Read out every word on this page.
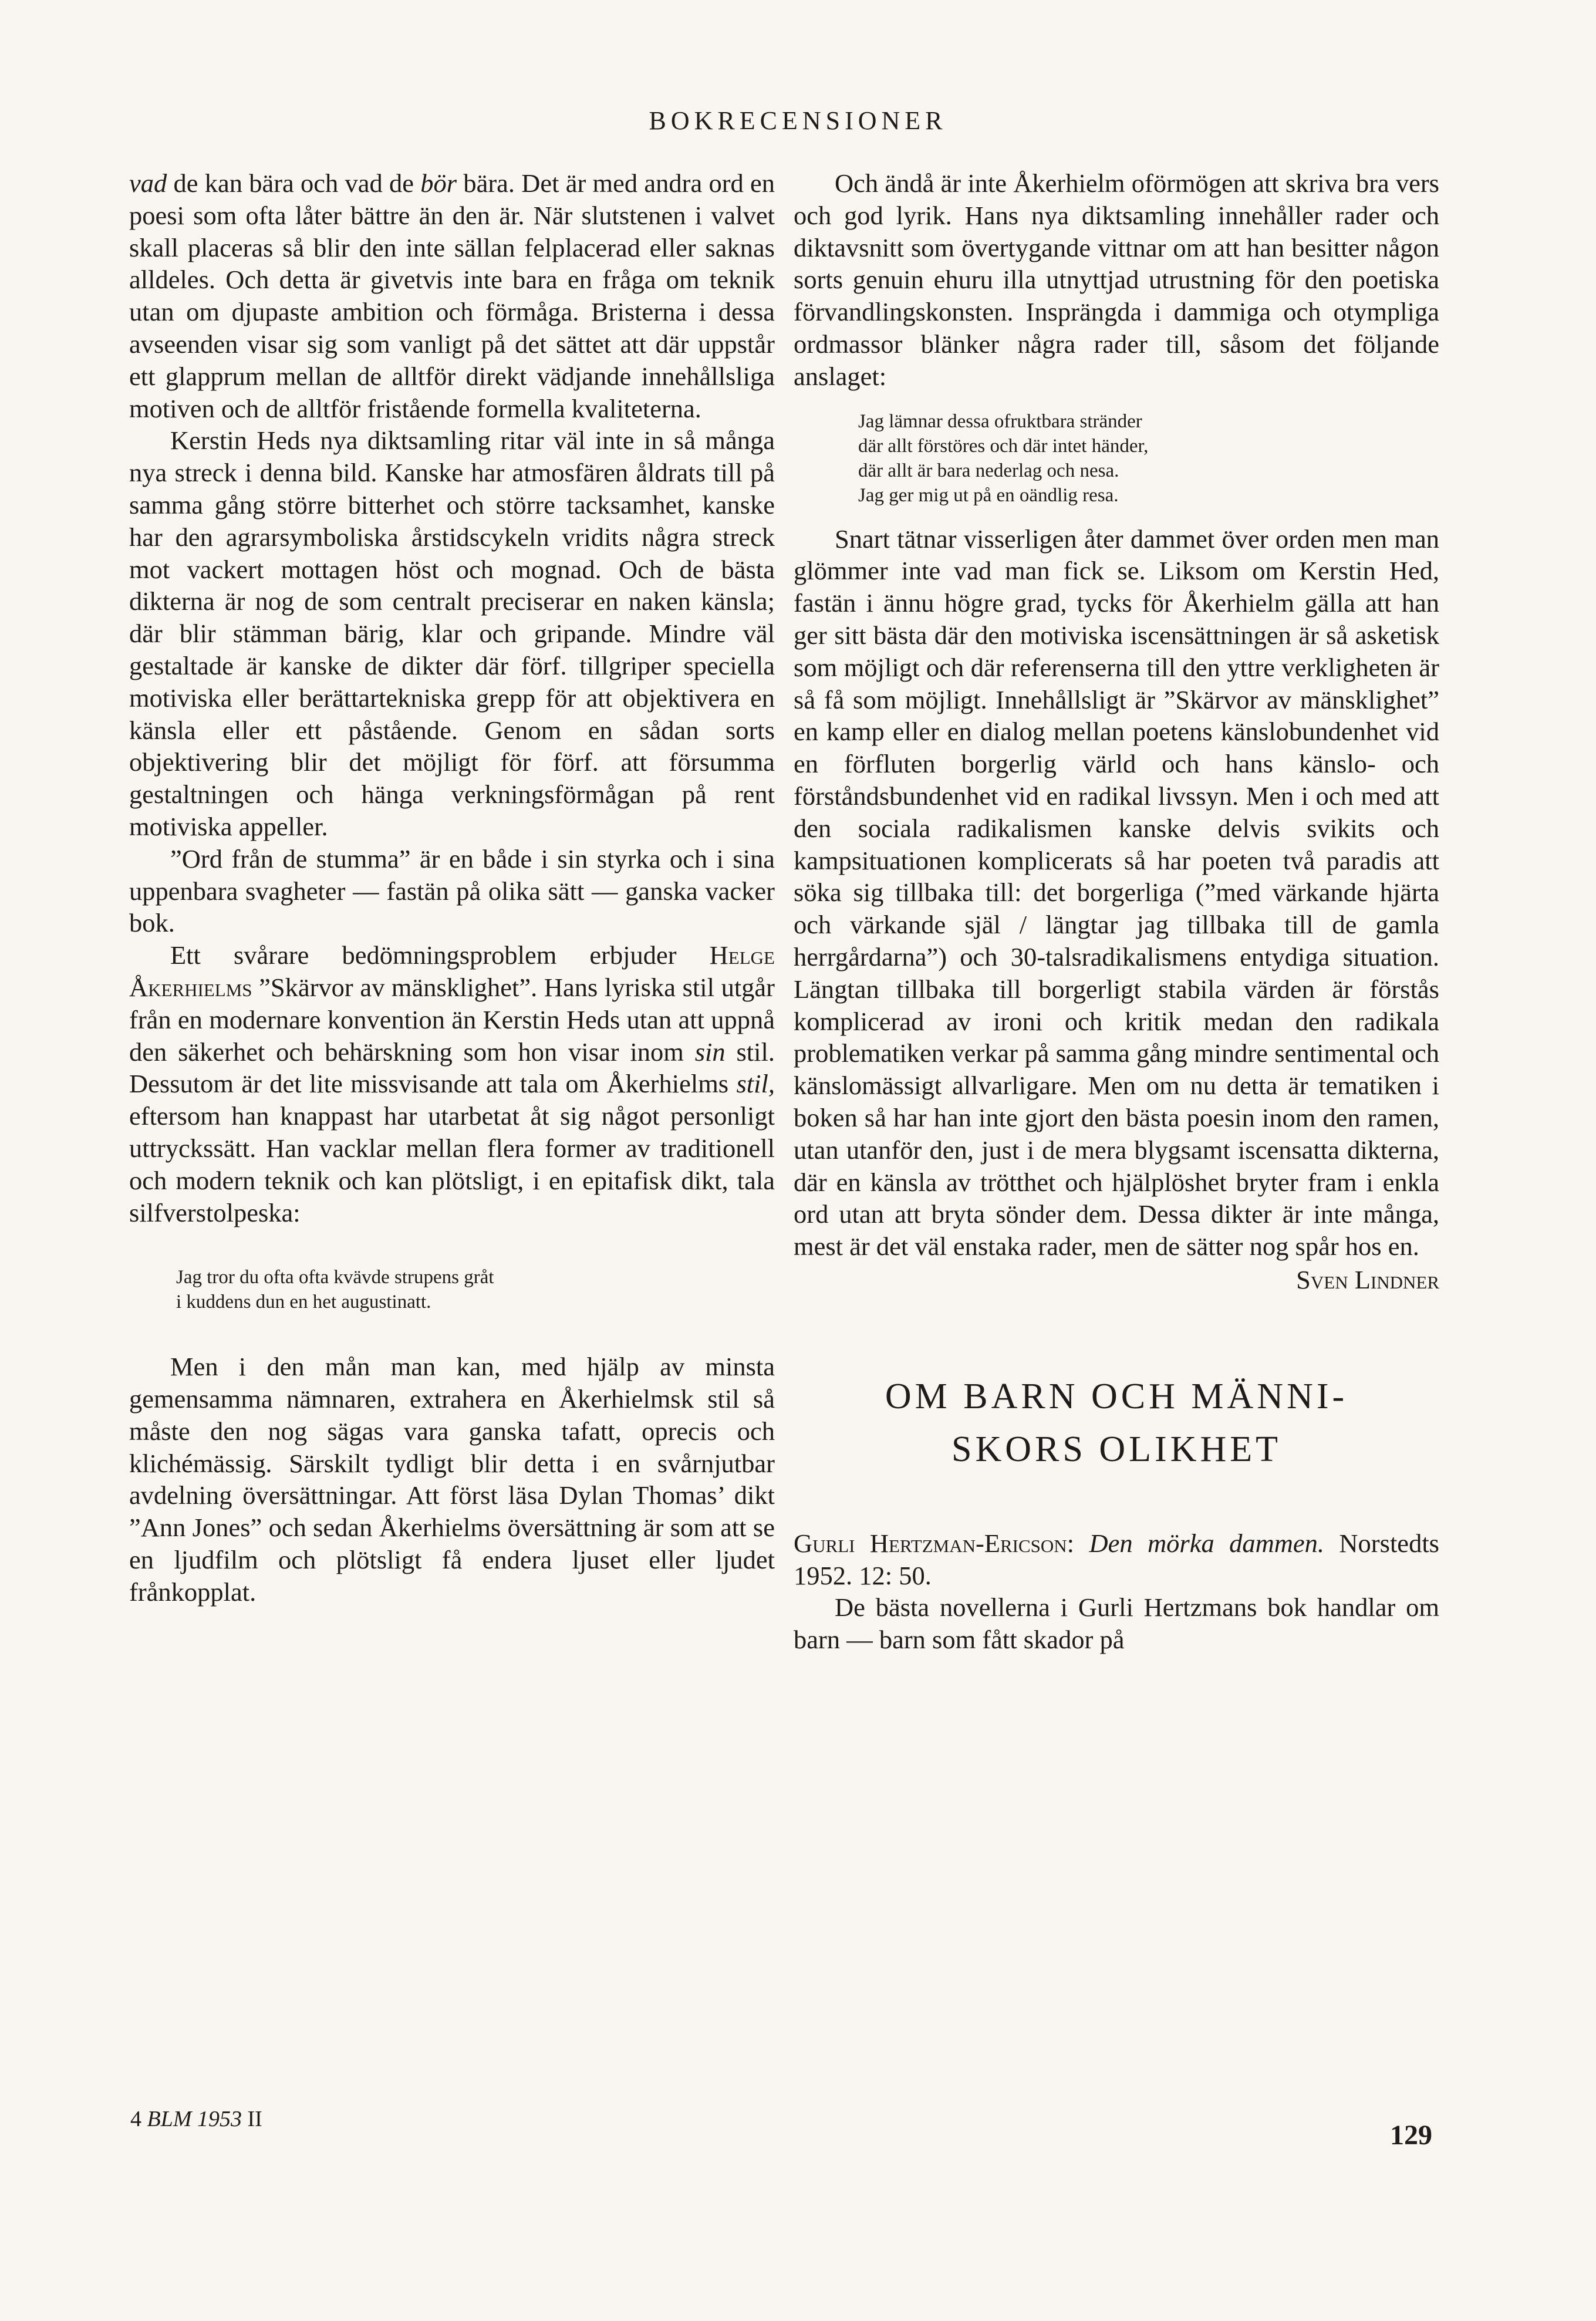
BOKRECENSIONER

vad de kan bära och vad de bör bära. Det är med andra ord en poesi som ofta låter bättre än den är. När slutstenen i valvet skall placeras så blir den inte sällan felplacerad eller saknas alldeles. Och detta är givetvis inte bara en fråga om teknik utan om djupaste ambition och förmåga. Bristerna i dessa avseenden visar sig som vanligt på det sättet att där uppstår ett glapprum mellan de alltför direkt vädjande innehållsliga motiven och de alltför fristående formella kvaliteterna.

Kerstin Heds nya diktsamling ritar väl inte in så många nya streck i denna bild. Kanske har atmosfären åldrats till på samma gång större bitterhet och större tacksamhet, kanske har den agrarsymboliska årstidscykeln vridits några streck mot vackert mottagen höst och mognad. Och de bästa dikterna är nog de som centralt preciserar en naken känsla; där blir stämman bärig, klar och gripande. Mindre väl gestaltade är kanske de dikter där förf. tillgriper speciella motiviska eller berättartekniska grepp för att objektivera en känsla eller ett påstående. Genom en sådan sorts objektivering blir det möjligt för förf. att försumma gestaltningen och hänga verkningsförmågan på rent motiviska appeller.

”Ord från de stumma” är en både i sin styrka och i sina uppenbara svagheter — fastän på olika sätt — ganska vacker bok.

Ett svårare bedömningsproblem erbjuder Helge Åkerhielms ”Skärvor av mänsklighet”. Hans lyriska stil utgår från en modernare konvention än Kerstin Heds utan att uppnå den säkerhet och behärskning som hon visar inom sin stil. Dessutom är det lite missvisande att tala om Åkerhielms stil, eftersom han knappast har utarbetat åt sig något personligt uttryckssätt. Han vacklar mellan flera former av traditionell och modern teknik och kan plötsligt, i en epitafisk dikt, tala silfverstolpeska:

Jag tror du ofta ofta kvävde strupens gråt
i kuddens dun en het augustinatt.

Men i den mån man kan, med hjälp av minsta gemensamma nämnaren, extrahera en Åkerhielmsk stil så måste den nog sägas vara ganska tafatt, oprecis och klichémässig. Särskilt tydligt blir detta i en svårnjutbar avdelning översättningar. Att först läsa Dylan Thomas’ dikt ”Ann Jones” och sedan Åkerhielms översättning är som att se en ljudfilm och plötsligt få endera ljuset eller ljudet frånkopplat.

Och ändå är inte Åkerhielm oförmögen att skriva bra vers och god lyrik. Hans nya diktsamling innehåller rader och diktavsnitt som övertygande vittnar om att han besitter någon sorts genuin ehuru illa utnyttjad utrustning för den poetiska förvandlingskonsten. Insprängda i dammiga och otympliga ordmassor blänker några rader till, såsom det följande anslaget:

Jag lämnar dessa ofruktbara stränder
där allt förstöres och där intet händer,
där allt är bara nederlag och nesa.
Jag ger mig ut på en oändlig resa.

Snart tätnar visserligen åter dammet över orden men man glömmer inte vad man fick se. Liksom om Kerstin Hed, fastän i ännu högre grad, tycks för Åkerhielm gälla att han ger sitt bästa där den motiviska iscensättningen är så asketisk som möjligt och där referenserna till den yttre verkligheten är så få som möjligt. Innehållsligt är ”Skärvor av mänsklighet” en kamp eller en dialog mellan poetens känslobundenhet vid en förfluten borgerlig värld och hans känslo- och förståndsbundenhet vid en radikal livssyn. Men i och med att den sociala radikalismen kanske delvis svikits och kampsituationen komplicerats så har poeten två paradis att söka sig tillbaka till: det borgerliga (”med värkande hjärta och värkande själ / längtar jag tillbaka till de gamla herrgårdarna”) och 30-talsradikalismens entydiga situation. Längtan tillbaka till borgerligt stabila värden är förstås komplicerad av ironi och kritik medan den radikala problematiken verkar på samma gång mindre sentimental och känslomässigt allvarligare. Men om nu detta är tematiken i boken så har han inte gjort den bästa poesin inom den ramen, utan utanför den, just i de mera blygsamt iscensatta dikterna, där en känsla av trötthet och hjälplöshet bryter fram i enkla ord utan att bryta sönder dem. Dessa dikter är inte många, mest är det väl enstaka rader, men de sätter nog spår hos en.

Sven Lindner
OM BARN OCH MÄNNI-
SKORS OLIKHET

Gurli Hertzman-Ericson: Den mörka dammen. Norstedts 1952. 12: 50.

De bästa novellerna i Gurli Hertzmans bok handlar om barn — barn som fått skador på

4 BLM 1953 II
129
